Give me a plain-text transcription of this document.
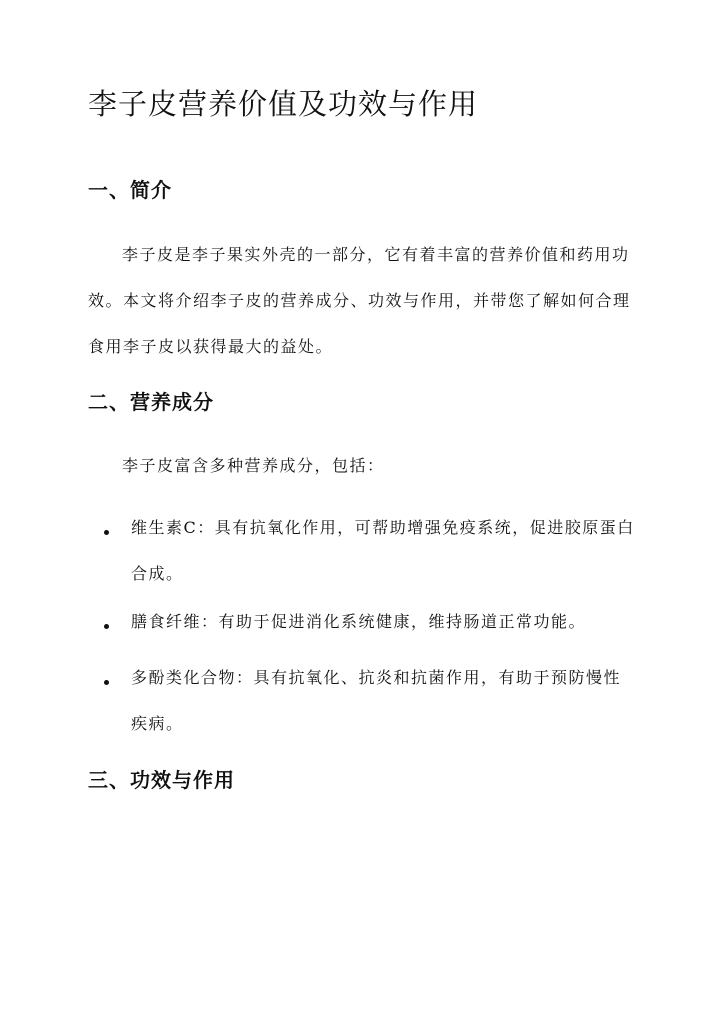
李子皮营养价值及功效与作用
一、简介

李子皮是李子果实外壳的一部分，它有着丰富的营养价值和药用功效。本文将介绍李子皮的营养成分、功效与作用，并带您了解如何合理食用李子皮以获得最大的益处。

二、营养成分

李子皮富含多种营养成分，包括：

维生素C：具有抗氧化作用，可帮助增强免疫系统，促进胶原蛋白合成。

膳食纤维：有助于促进消化系统健康，维持肠道正常功能。

多酚类化合物：具有抗氧化、抗炎和抗菌作用，有助于预防慢性疾病。

三、功效与作用
